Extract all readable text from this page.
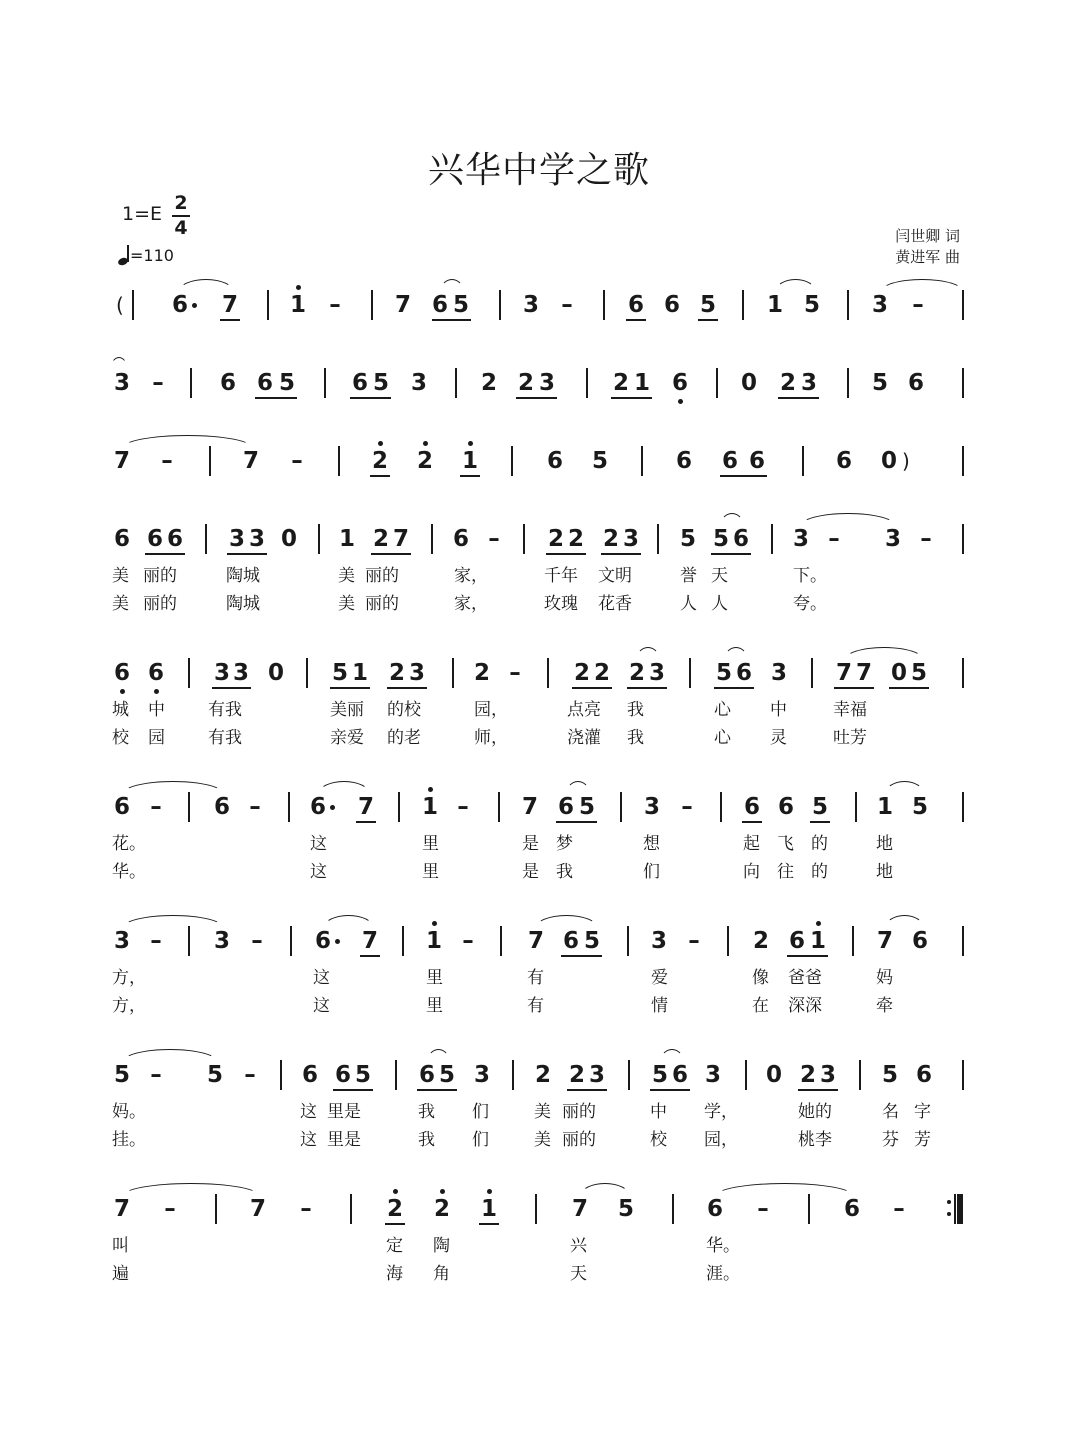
兴华中学之歌
1=E 2
4
=110
闫世卿 词
黄进军 曲
( 6 7 1 – 7 6 5 3 – 6 6 5 1 5 3 –
3 – 6 6 5 6 5 3 2 2 3	2 1 6 0 2 3 5 6
7 –	7 –	2 2 1	6 5	6 6 6	6 0 )
6 6 6 3 3 0 1 2 7 6 – 2 2 2 3 5 5 6 3 – 3 –
美 丽的	陶城	美 丽的	家，	千年 文明	誉 天	下。
美 丽的	陶城	美 丽的	家，	玫瑰 花香	人 人	夸。
6 6 3 3 0 5 1 2 3 2 – 2 2 2 3 5 6 3 7 7 0 5
城 中	有我	美丽 的校	园，	点亮 我	心 中	幸福
校 园	有我	亲爱 的老	师，	浇灌 我	心 灵	吐芳
6 – 6 – 6 7 1 – 7 6 5 3 – 6 6 5 1 5
花。	这	里	是 梦	想	起 飞 的	地
华。	这	里	是 我	们	向 往 的	地
3 – 3 – 6 7 1 – 7 6 5 3 – 2 6 1 7 6
方，	这	里	有	爱	像 爸爸	妈
方，	这	里	有	情	在 深深	牵
5 – 5 – 6 6 5 6 5 3 2 2 3 5 6 3 0 2 3 5 6
妈。	这 里是	我 们	美 丽的	中 学，	她的	名 字
挂。	这 里是	我 们	美 丽的	校 园，	桃李	芬 芳
7 –	7 –	2 2 1	7 5	6 –	6 –
叫	定 陶	兴	华。
遍	海 角	天	涯。
